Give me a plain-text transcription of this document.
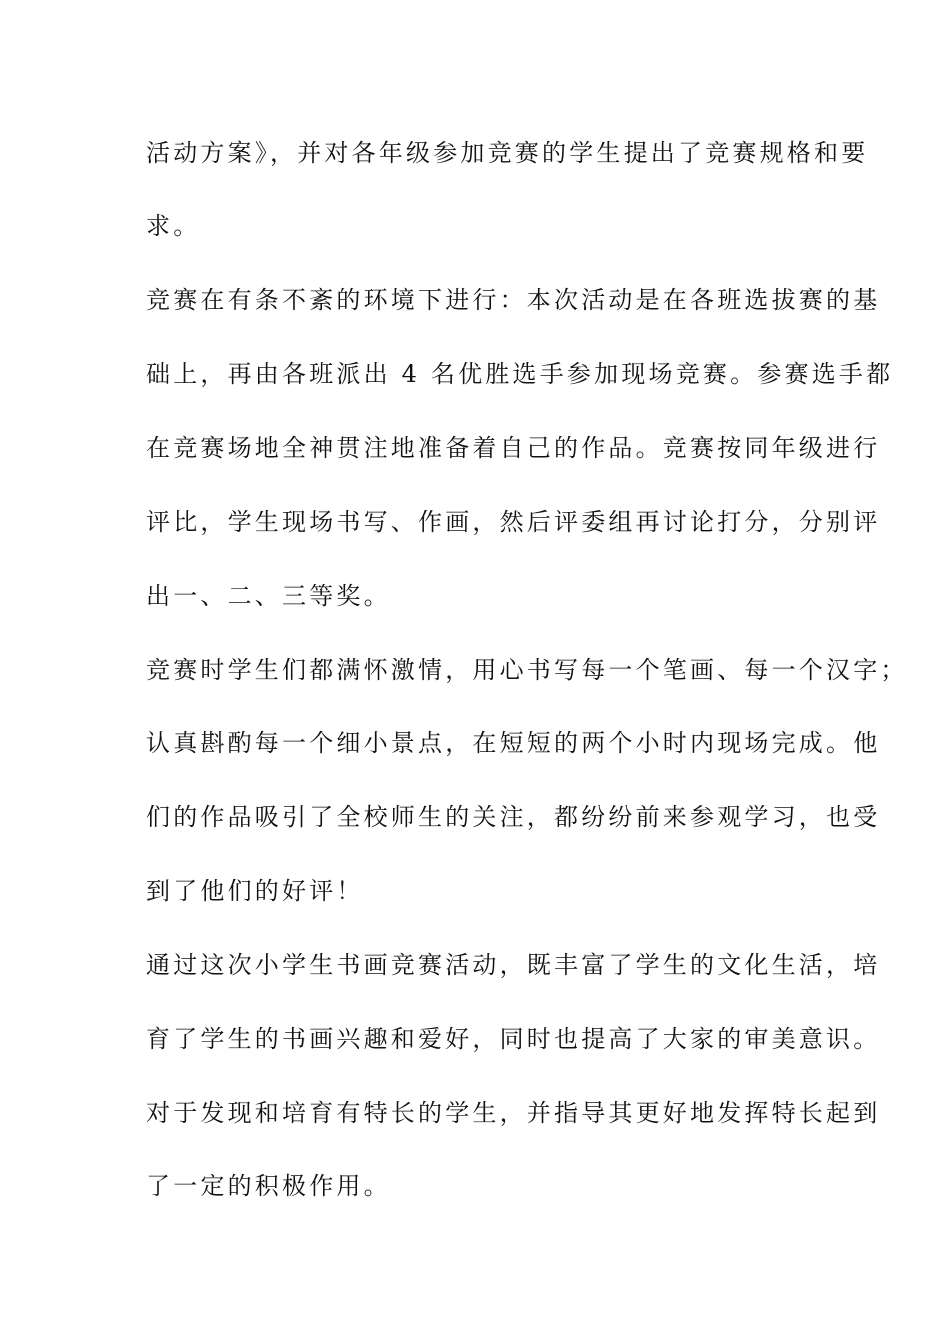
活动方案》，并对各年级参加竞赛的学生提出了竞赛规格和要
求。
竞赛在有条不紊的环境下进行：本次活动是在各班选拔赛的基
础上，再由各班派出 4 名优胜选手参加现场竞赛。参赛选手都
在竞赛场地全神贯注地准备着自己的作品。竞赛按同年级进行
评比，学生现场书写、作画，然后评委组再讨论打分，分别评
出一、二、三等奖。
竞赛时学生们都满怀激情，用心书写每一个笔画、每一个汉字；
认真斟酌每一个细小景点，在短短的两个小时内现场完成。他
们的作品吸引了全校师生的关注，都纷纷前来参观学习，也受
到了他们的好评！
通过这次小学生书画竞赛活动，既丰富了学生的文化生活，培
育了学生的书画兴趣和爱好，同时也提高了大家的审美意识。
对于发现和培育有特长的学生，并指导其更好地发挥特长起到
了一定的积极作用。
